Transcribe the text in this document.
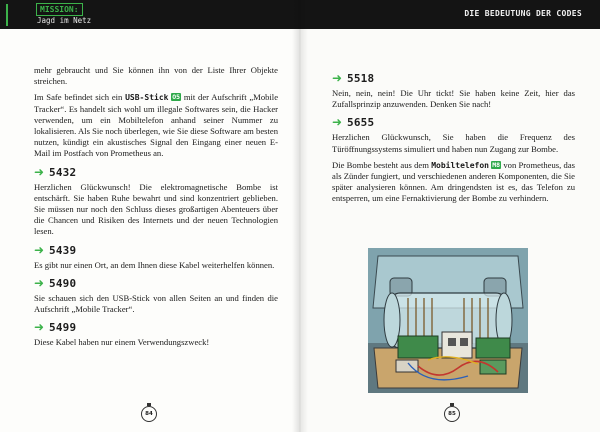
MISSION:
Jagd im Netz

mehr gebraucht und Sie können ihn von der Liste Ihrer Objekte streichen.

Im Safe befindet sich ein USB-Stick O5 mit der Aufschrift „Mobile Tracker“. Es handelt sich wohl um illegale Softwares sein, die Hacker verwenden, um ein Mobiltelefon anhand seiner Nummer zu lokalisieren. Als Sie noch überlegen, wie Sie diese Software am besten nutzen, kündigt ein akustisches Signal den Eingang einer neuen E-Mail im Postfach von Prometheus an.

➜ 5432

Herzlichen Glückwunsch! Die elektromagnetische Bombe ist entschärft. Sie haben Ruhe bewahrt und sind konzentriert geblieben. Sie müssen nur noch den Schluss dieses großartigen Abenteuers über die Chancen und Risiken des Internets und der neuen Technologien lesen.

➜ 5439

Es gibt nur einen Ort, an dem Ihnen diese Kabel weiterhelfen können.

➜ 5490

Sie schauen sich den USB-Stick von allen Seiten an und finden die Aufschrift „Mobile Tracker“.

➜ 5499

Diese Kabel haben nur einem Verwendungszweck!

84
DIE BEDEUTUNG DER CODES
➜ 5518

Nein, nein, nein! Die Uhr tickt! Sie haben keine Zeit, hier das Zufallsprinzip anzuwenden. Denken Sie nach!

➜ 5655

Herzlichen Glückwunsch, Sie haben die Frequenz des Türöffnungssystems simuliert und haben nun Zugang zur Bombe.

Die Bombe besteht aus dem Mobiltelefon M8 von Prometheus, das als Zünder fungiert, und verschiedenen anderen Komponenten, die Sie später analysieren können. Am dringendsten ist es, das Telefon zu entsperren, um eine Fernaktivierung der Bombe zu verhindern.

85
